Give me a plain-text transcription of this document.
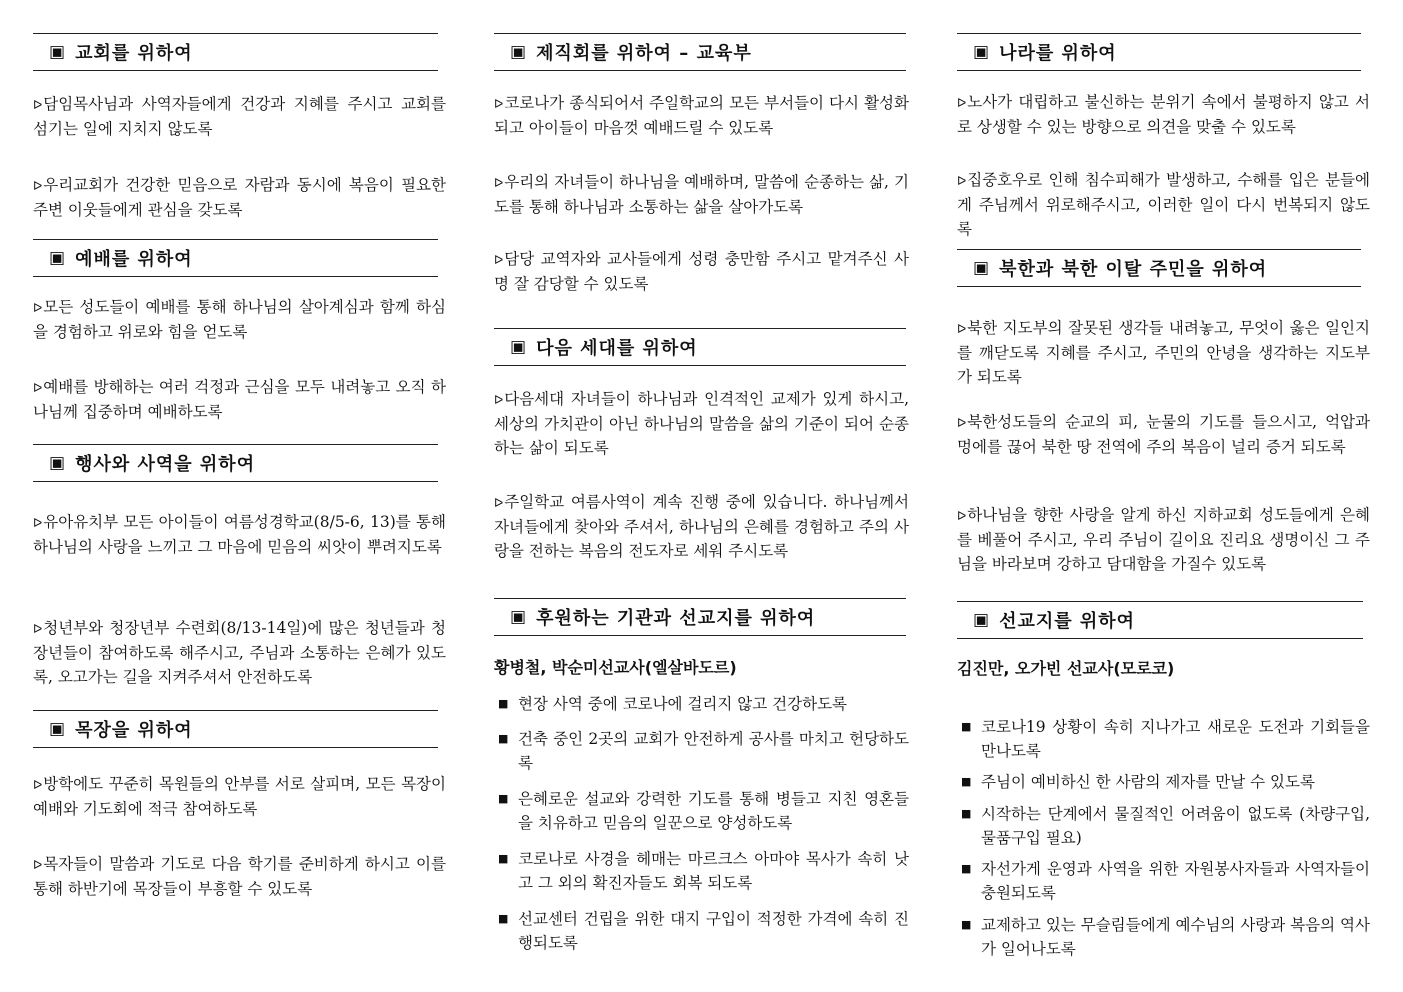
▣ 교회를 위하여
ᐅ담임목사님과 사역자들에게 건강과 지혜를 주시고 교회를 섬기는 일에 지치지 않도록
ᐅ우리교회가 건강한 믿음으로 자람과 동시에 복음이 필요한 주변 이웃들에게 관심을 갖도록
▣ 예배를 위하여
ᐅ모든 성도들이 예배를 통해 하나님의 살아계심과 함께 하심을 경험하고 위로와 힘을 얻도록
ᐅ예배를 방해하는 여러 걱정과 근심을 모두 내려놓고 오직 하나님께 집중하며 예배하도록
▣ 행사와 사역을 위하여
ᐅ유아유치부 모든 아이들이 여름성경학교(8/5-6, 13)를 통해 하나님의 사랑을 느끼고 그 마음에 믿음의 씨앗이 뿌려지도록
ᐅ청년부와 청장년부 수련회(8/13-14일)에 많은 청년들과 청장년들이 참여하도록 해주시고, 주님과 소통하는 은혜가 있도록, 오고가는 길을 지켜주셔서 안전하도록
▣ 목장을 위하여
ᐅ방학에도 꾸준히 목원들의 안부를 서로 살피며, 모든 목장이 예배와 기도회에 적극 참여하도록
ᐅ목자들이 말씀과 기도로 다음 학기를 준비하게 하시고 이를 통해 하반기에 목장들이 부흥할 수 있도록
▣ 제직회를 위하여 – 교육부
ᐅ코로나가 종식되어서 주일학교의 모든 부서들이 다시 활성화 되고 아이들이 마음껏 예배드릴 수 있도록
ᐅ우리의 자녀들이 하나님을 예배하며, 말씀에 순종하는 삶, 기도를 통해 하나님과 소통하는 삶을 살아가도록
ᐅ담당 교역자와 교사들에게 성령 충만함 주시고 맡겨주신 사명 잘 감당할 수 있도록
▣ 다음 세대를 위하여
ᐅ다음세대 자녀들이 하나님과 인격적인 교제가 있게 하시고, 세상의 가치관이 아닌 하나님의 말씀을 삶의 기준이 되어 순종하는 삶이 되도록
ᐅ주일학교 여름사역이 계속 진행 중에 있습니다. 하나님께서 자녀들에게 찾아와 주셔서, 하나님의 은혜를 경험하고 주의 사랑을 전하는 복음의 전도자로 세워 주시도록
▣ 후원하는 기관과 선교지를 위하여
황병철, 박순미선교사(엘살바도르)
■ 현장 사역 중에 코로나에 걸리지 않고 건강하도록
■ 건축 중인 2곳의 교회가 안전하게 공사를 마치고 헌당하도록
■ 은혜로운 설교와 강력한 기도를 통해 병들고 지친 영혼들을 치유하고 믿음의 일꾼으로 양성하도록
■ 코로나로 사경을 헤매는 마르크스 아마야 목사가 속히 낫고 그 외의 확진자들도 회복 되도록
■ 선교센터 건립을 위한 대지 구입이 적정한 가격에 속히 진행되도록
▣ 나라를 위하여
ᐅ노사가 대립하고 불신하는 분위기 속에서 불평하지 않고 서로 상생할 수 있는 방향으로 의견을 맞출 수 있도록
ᐅ집중호우로 인해 침수피해가 발생하고, 수해를 입은 분들에게 주님께서 위로해주시고, 이러한 일이 다시 번복되지 않도록
▣ 북한과 북한 이탈 주민을 위하여
ᐅ북한 지도부의 잘못된 생각들 내려놓고, 무엇이 옳은 일인지를 깨닫도록 지혜를 주시고, 주민의 안녕을 생각하는 지도부가 되도록
ᐅ북한성도들의 순교의 피, 눈물의 기도를 들으시고, 억압과 멍에를 끊어 북한 땅 전역에 주의 복음이 널리 증거 되도록
ᐅ하나님을 향한 사랑을 알게 하신 지하교회 성도들에게 은혜를 베풀어 주시고, 우리 주님이 길이요 진리요 생명이신 그 주님을 바라보며 강하고 담대함을 가질수 있도록
▣ 선교지를 위하여
김진만, 오가빈 선교사(모로코)
■ 코로나19 상황이 속히 지나가고 새로운 도전과 기회들을 만나도록
■ 주님이 예비하신 한 사람의 제자를 만날 수 있도록
■ 시작하는 단계에서 물질적인 어려움이 없도록 (차량구입, 물품구입 필요)
■ 자선가게 운영과 사역을 위한 자원봉사자들과 사역자들이 충원되도록
■ 교제하고 있는 무슬림들에게 예수님의 사랑과 복음의 역사가 일어나도록
